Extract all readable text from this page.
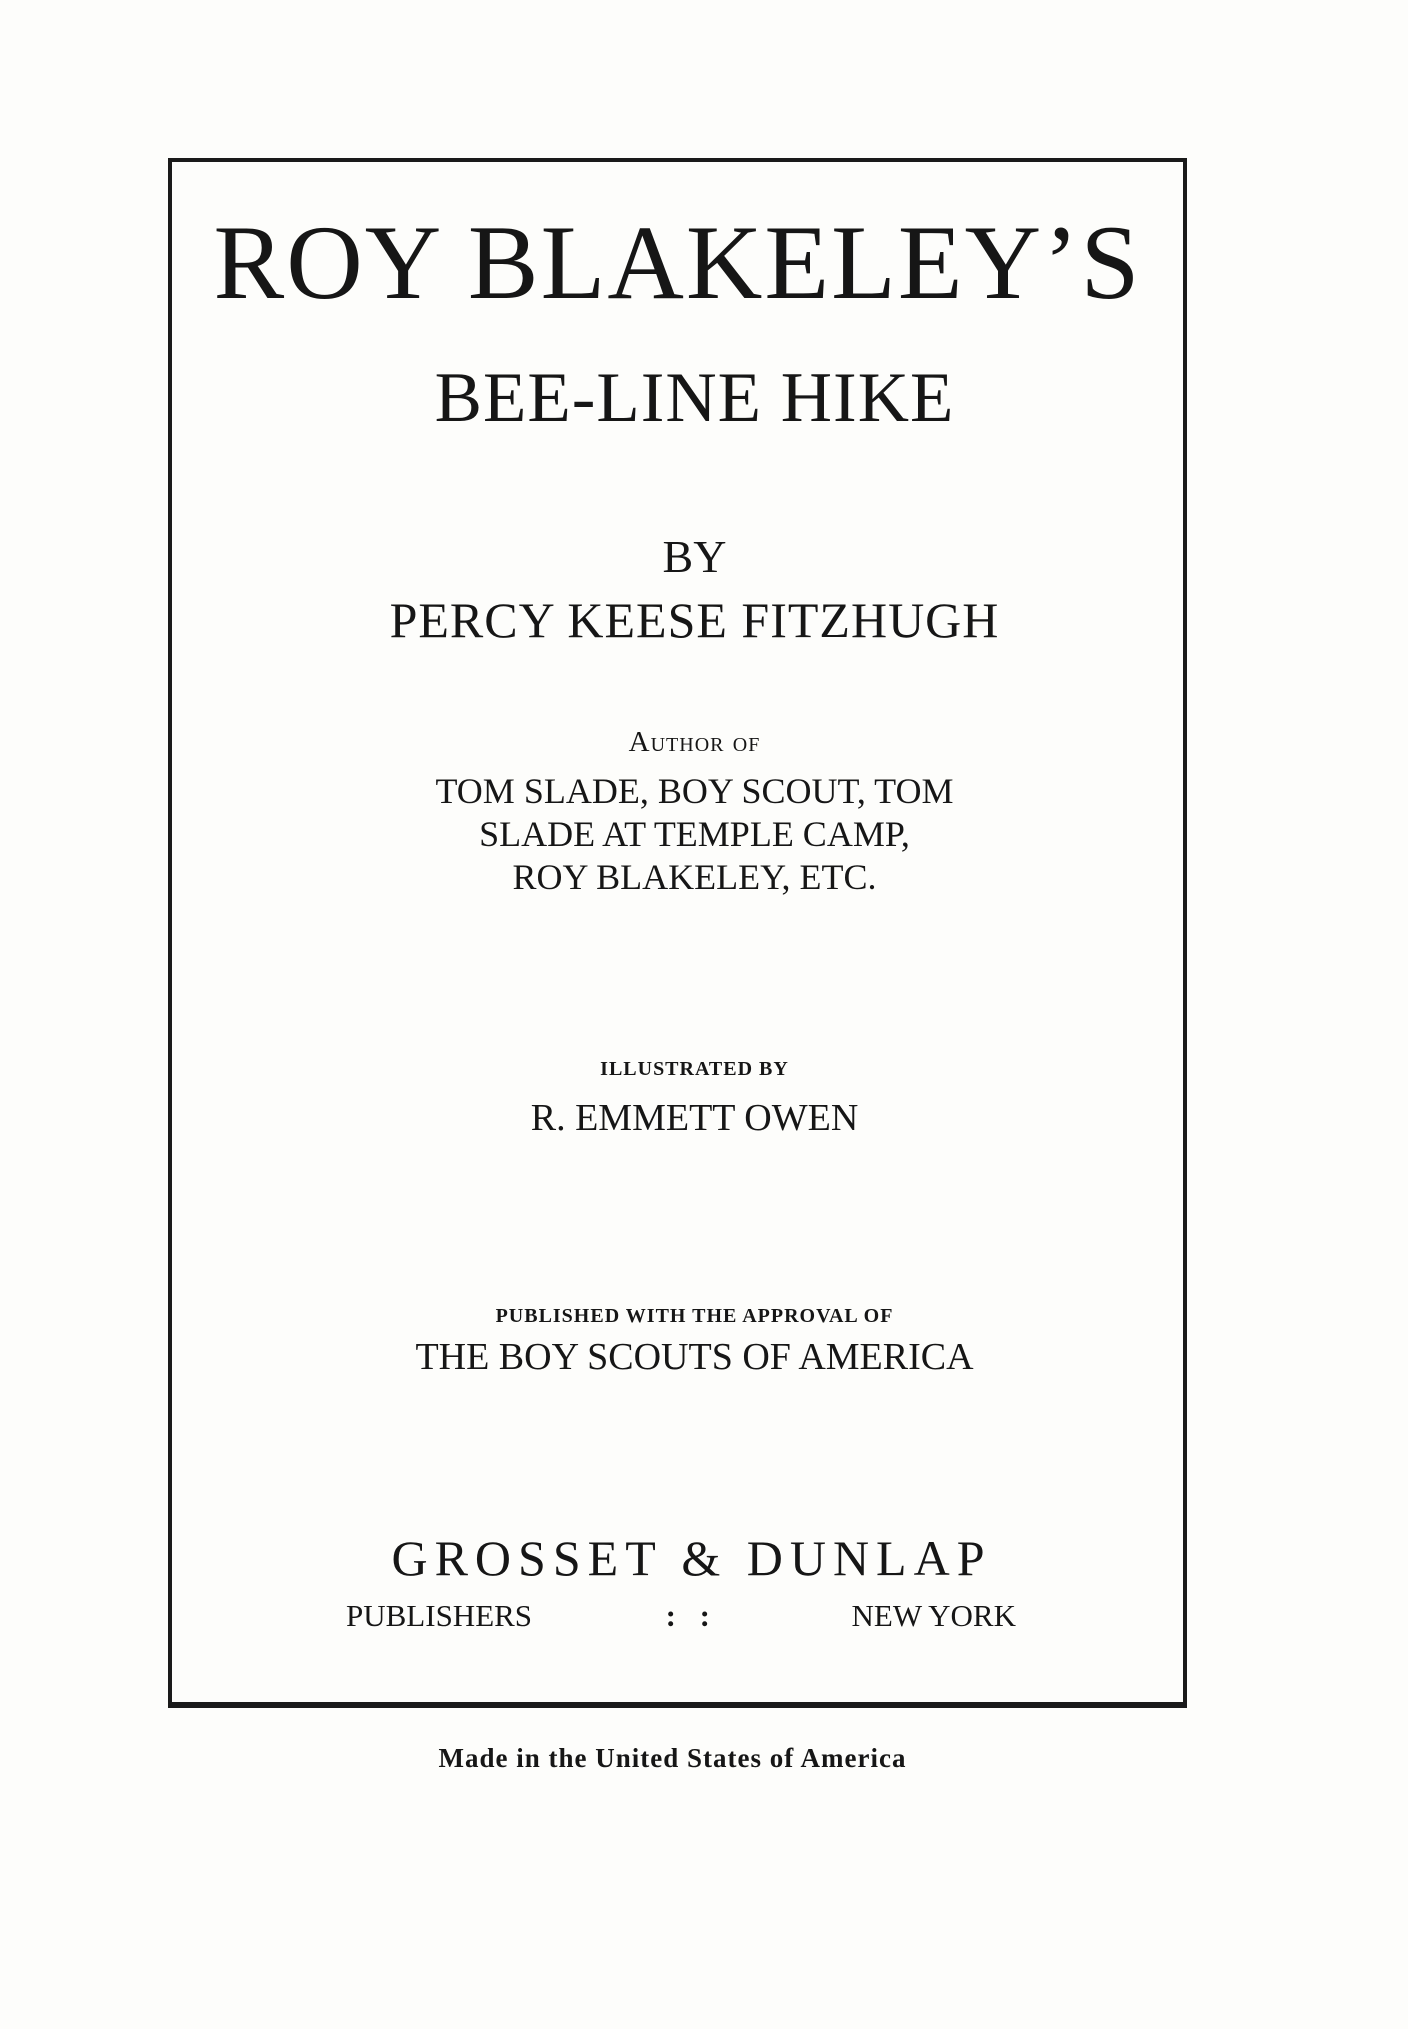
ROY BLAKELEY’S

BEE-LINE HIKE

BY

PERCY KEESE FITZHUGH

Author of

TOM SLADE, BOY SCOUT, TOM
SLADE AT TEMPLE CAMP,
ROY BLAKELEY, ETC.

ILLUSTRATED BY

R. EMMETT OWEN

PUBLISHED WITH THE APPROVAL OF

THE BOY SCOUTS OF AMERICA

GROSSET & DUNLAP

PUBLISHERS	: :	NEW YORK

Made in the United States of America
